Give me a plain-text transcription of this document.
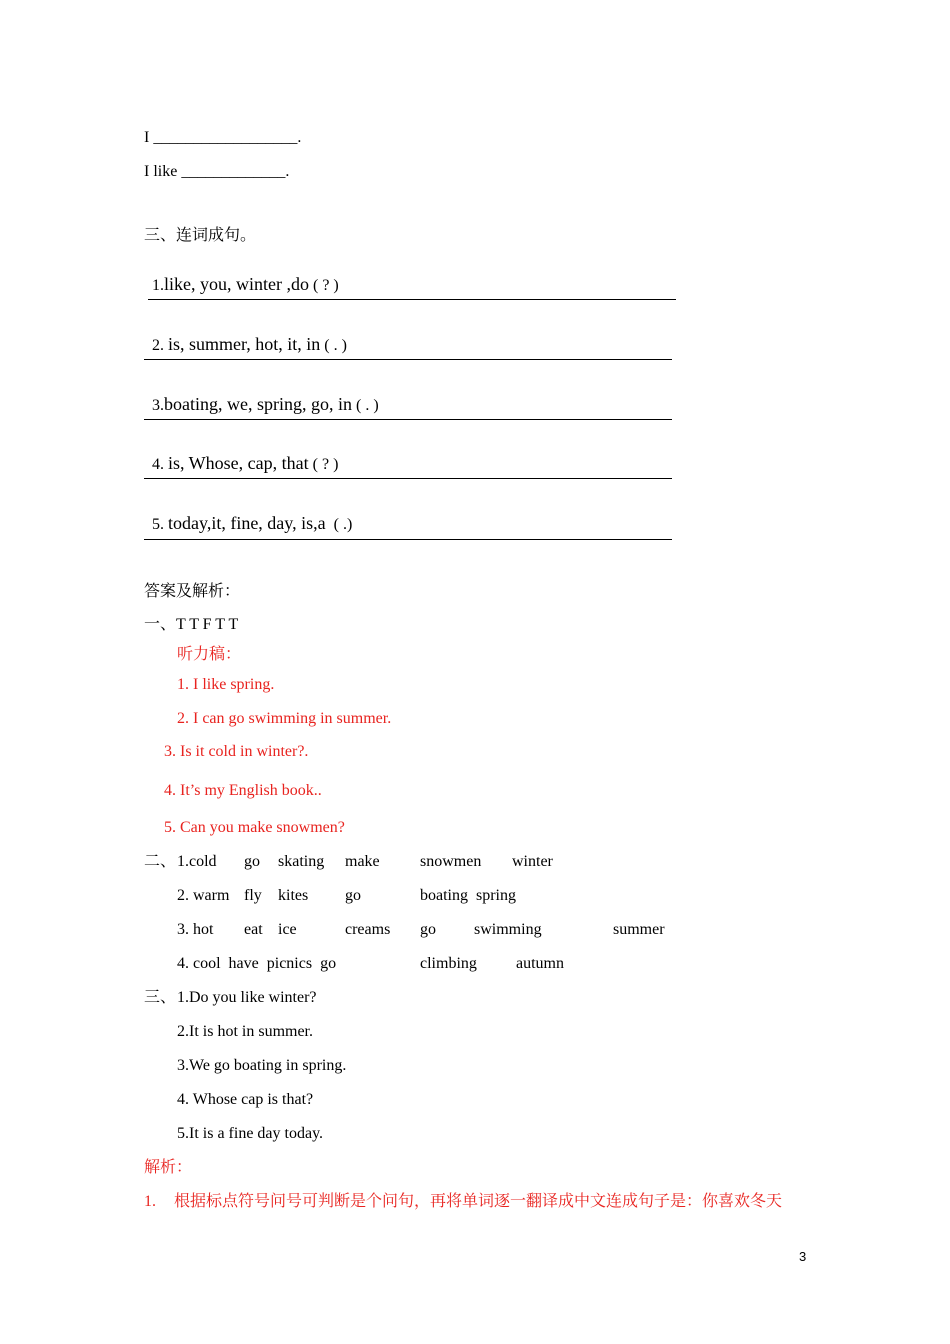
I __________________.
I like _____________.
三、连词成句。

1.like, you, winter ,do ( ? )

2. is, summer, hot, it, in ( . )

3.boating, we, spring, go, in ( . )

4. is, Whose, cap, that ( ? )

5. today,it, fine, day, is,a ( .)

答案及解析：
一、T T F T T
听力稿：
1. I like spring.
2. I can go swimming in summer.
3. Is it cold in winter?.
4. It’s my English book..
5. Can you make snowmen?
二、 1.cold go skating make	snowmen winter
2. warm fly kites go	boating  spring
3. hot eat ice	creams go swimming	summer
4. cool  have  picnics  go	climbing autumn
三、 1.Do you like winter?
2.It is hot in summer.
3.We go boating in spring.
4. Whose cap is that?
5.It is a fine day today.
解析：
1. 根据标点符号问号可判断是个问句，再将单词逐一翻译成中文连成句子是：你喜欢冬天
3
